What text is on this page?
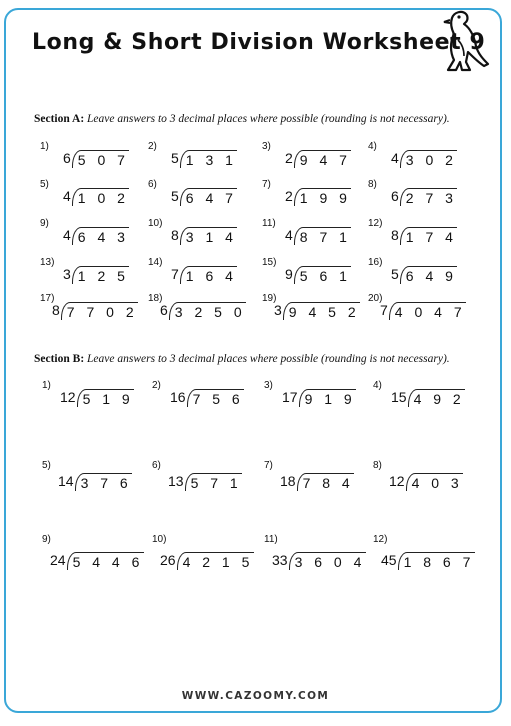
Long & Short Division Worksheet 9
Section A: Leave answers to 3 decimal places where possible (rounding is not necessary).
Section B: Leave answers to 3 decimal places where possible (rounding is not necessary).
WWW.CAZOOMY.COM
1)
6 5 0 7
2)
5 1 3 1
3)
2 9 4 7
4)
4 3 0 2
5)
4 1 0 2
6)
5 6 4 7
7)
2 1 9 9
8)
6 2 7 3
9)
4 6 4 3
10)
8 3 1 4
11)
4 8 7 1
12)
8 1 7 4
13)
3 1 2 5
14)
7 1 6 4
15)
9 5 6 1
16)
5 6 4 9
17)
8 7 7 0 2
18)
6 3 2 5 0
19)
3 9 4 5 2
20)
7 4 0 4 7
1)
12 5 1 9
2)
16 7 5 6
3)
17 9 1 9
4)
15 4 9 2
5)
14 3 7 6
6)
13 5 7 1
7)
18 7 8 4
8)
12 4 0 3
9)
24 5 4 4 6
10)
26 4 2 1 5
11)
33 3 6 0 4
12)
45 1 8 6 7
